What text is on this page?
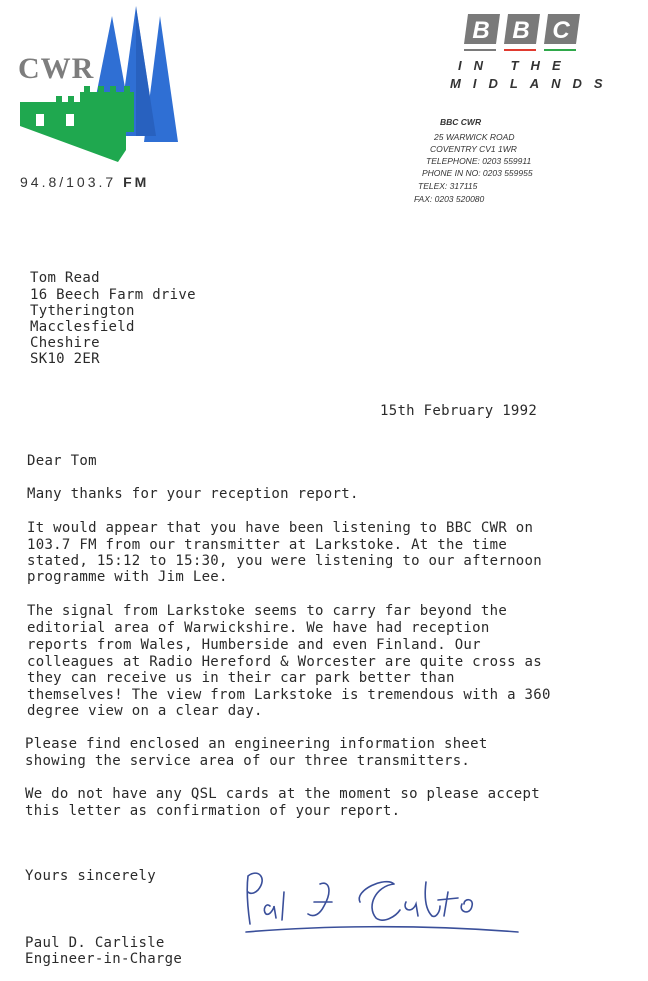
CWR
94.8/103.7 FM
B B C
IN THE
MIDLANDS
BBC CWR
25 WARWICK ROAD
COVENTRY CV1 1WR
TELEPHONE: 0203 559911
PHONE IN NO: 0203 559955
TELEX: 317115
FAX: 0203 520080
Tom Read
16 Beech Farm drive
Tytherington
Macclesfield
Cheshire
SK10 2ER
15th February 1992
Dear Tom
Many thanks for your reception report.
It would appear that you have been listening to BBC CWR on
103.7 FM from our transmitter at Larkstoke. At the time
stated, 15:12 to 15:30, you were listening to our afternoon
programme with Jim Lee.
The signal from Larkstoke seems to carry far beyond the
editorial area of Warwickshire. We have had reception
reports from Wales, Humberside and even Finland. Our
colleagues at Radio Hereford & Worcester are quite cross as
they can receive us in their car park better than
themselves! The view from Larkstoke is tremendous with a 360
degree view on a clear day.
Please find enclosed an engineering information sheet
showing the service area of our three transmitters.
We do not have any QSL cards at the moment so please accept
this letter as confirmation of your report.
Yours sincerely
Paul D. Carlisle
Engineer-in-Charge
